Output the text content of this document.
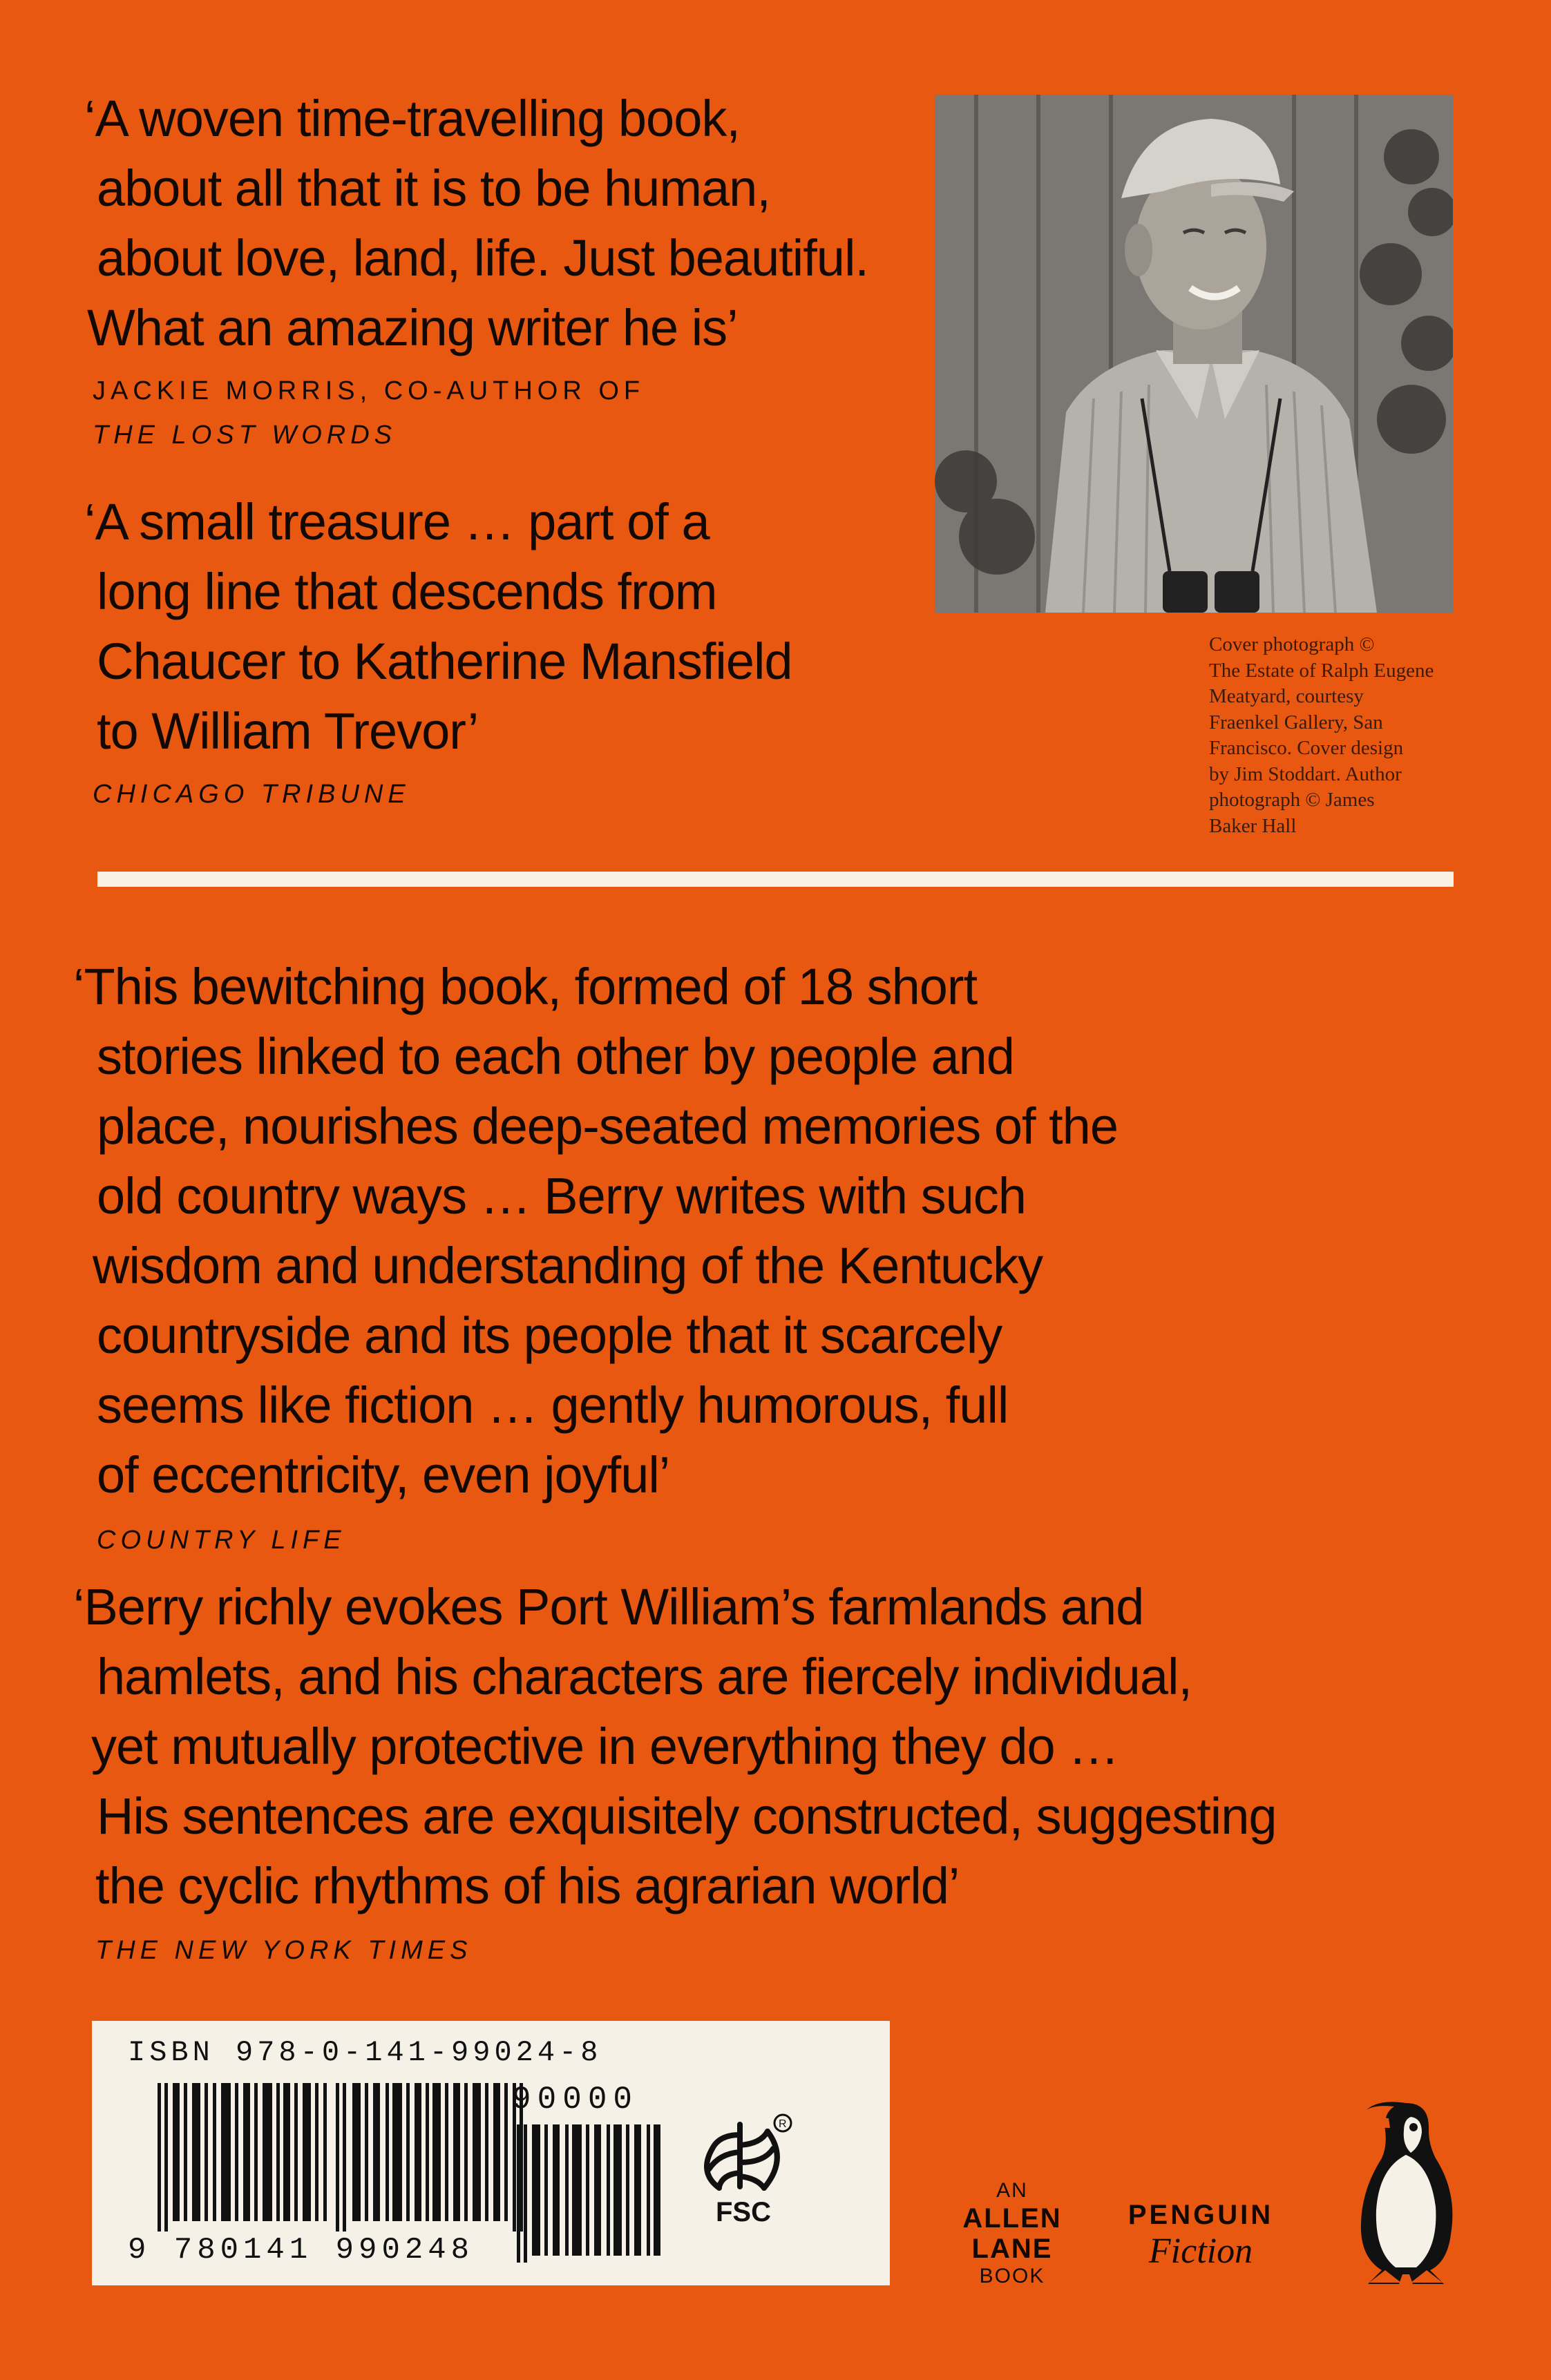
‘A woven time-travelling book,
about all that it is to be human,
about love, land, life. Just beautiful.
What an amazing writer he is’
JACKIE MORRIS, CO-AUTHOR OF
THE LOST WORDS
‘A small treasure … part of a
long line that descends from
Chaucer to Katherine Mansfield
to William Trevor’
CHICAGO TRIBUNE
Cover photograph ©
The Estate of Ralph Eugene
Meatyard, courtesy
Fraenkel Gallery, San
Francisco. Cover design
by Jim Stoddart. Author
photograph © James
Baker Hall
‘This bewitching book, formed of 18 short
stories linked to each other by people and
place, nourishes deep-seated memories of the
old country ways … Berry writes with such
wisdom and understanding of the Kentucky
countryside and its people that it scarcely
seems like fiction … gently humorous, full
of eccentricity, even joyful’
COUNTRY LIFE
‘Berry richly evokes Port William’s farmlands and
hamlets, and his characters are fiercely individual,
yet mutually protective in everything they do …
His sentences are exquisitely constructed, suggesting
the cyclic rhythms of his agrarian world’
THE NEW YORK TIMES
ISBN 978-0-141-99024-8
9 780141 990248
90000
R
FSC
AN
ALLEN
LANE
BOOK
PENGUIN
Fiction
